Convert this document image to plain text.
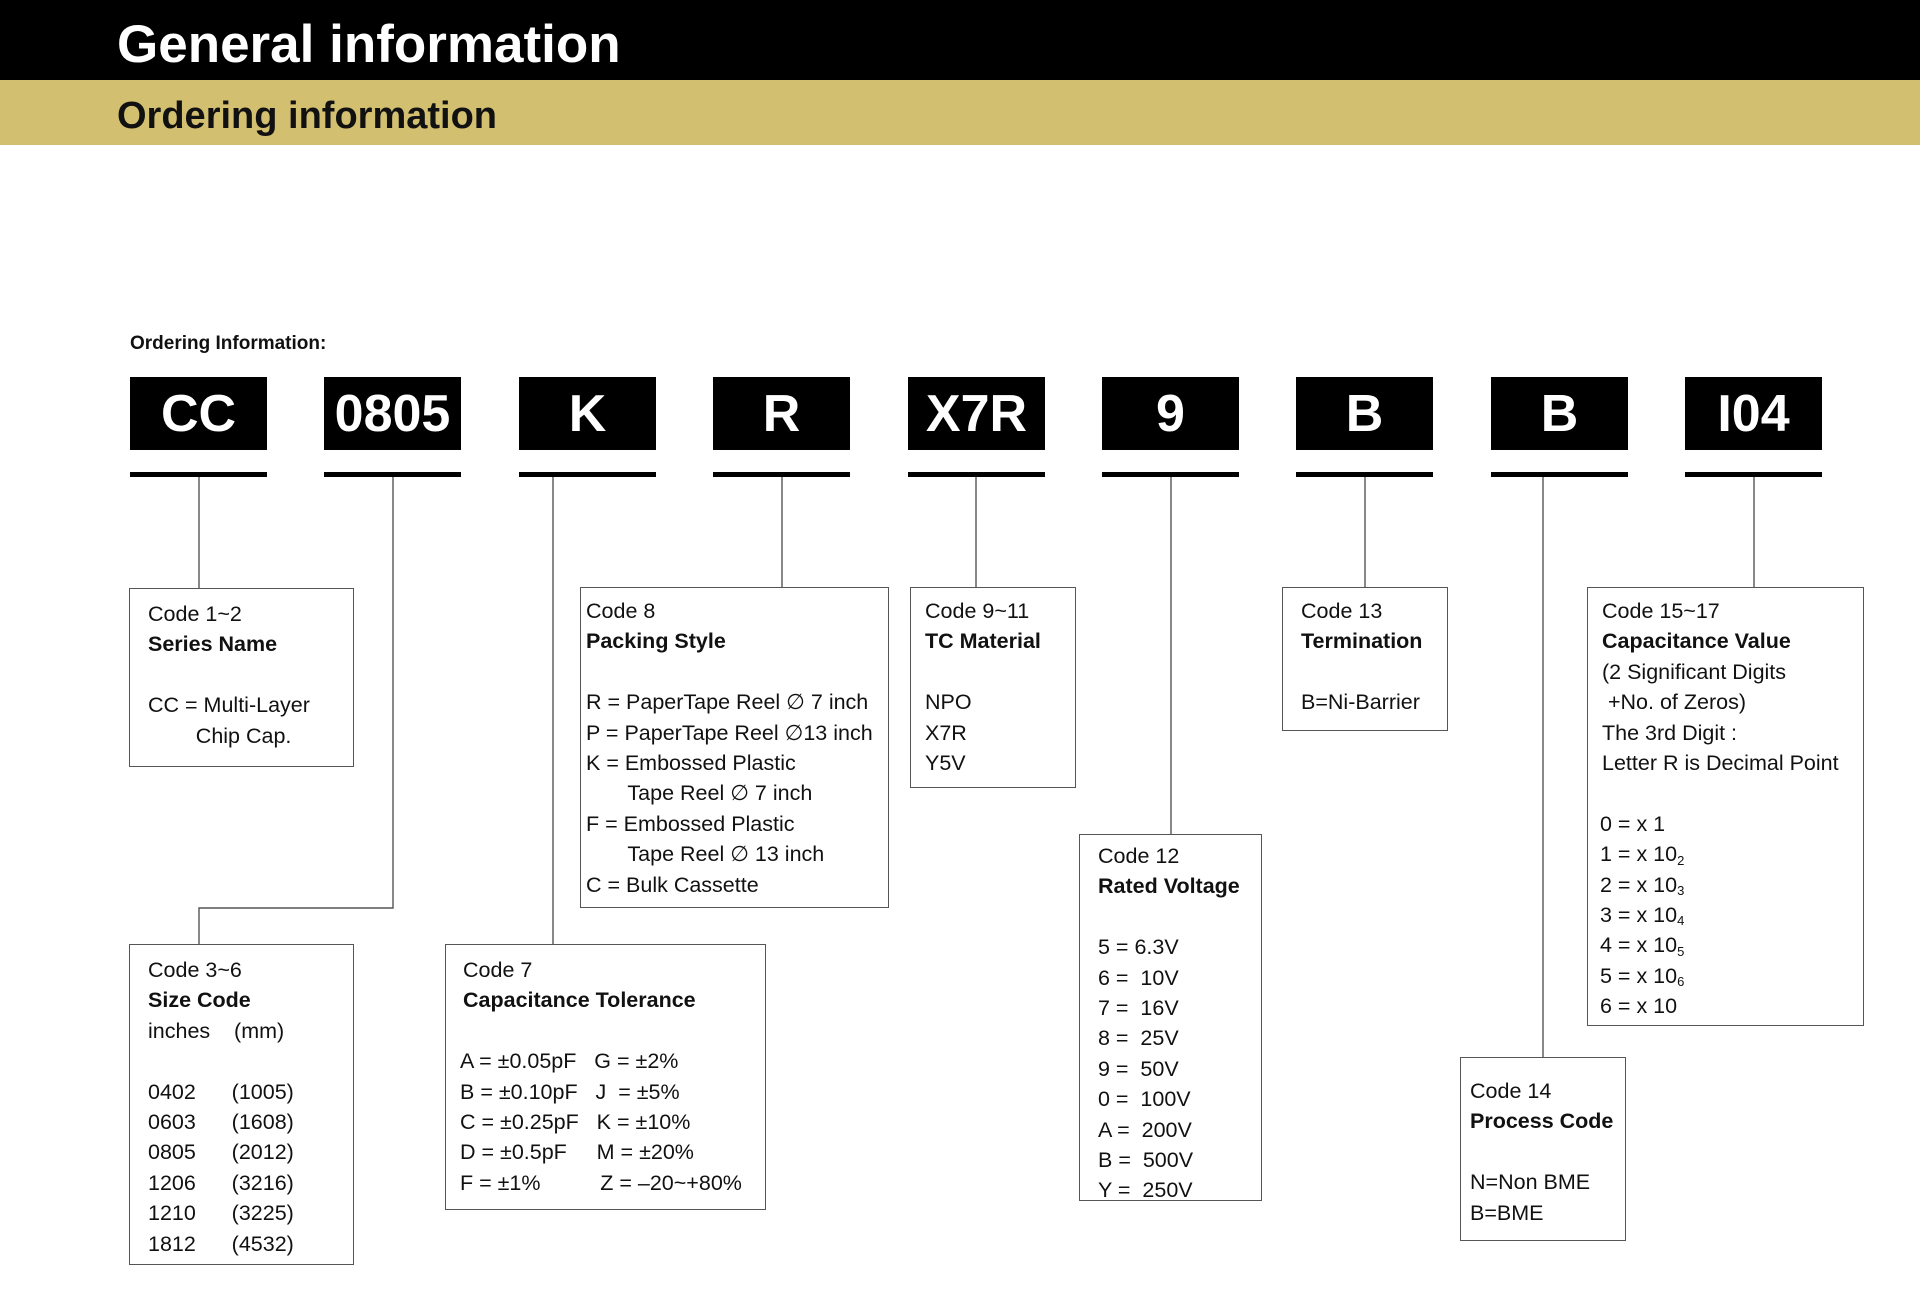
General information
Ordering information
Ordering Information:
CC	0805	K	R	X7R	9	B	B	I04
Code 1~2
Series Name

CC = Multi-Layer
Chip Cap.
Code 3~6
Size Code
inches    (mm)

0402      (1005)
0603      (1608)
0805      (2012)
1206      (3216)
1210      (3225)
1812      (4532)
Code 7
Capacitance Tolerance

A = ±0.05pF   G = ±2%
B = ±0.10pF   J  = ±5%
C = ±0.25pF   K = ±10%
D = ±0.5pF     M = ±20%
F = ±1%          Z = –20~+80%
Code 8
Packing Style

R = PaperTape Reel ∅ 7 inch
P = PaperTape Reel ∅13 inch
K = Embossed Plastic
Tape Reel ∅ 7 inch
F = Embossed Plastic
Tape Reel ∅ 13 inch
C = Bulk Cassette
Code 9~11
TC Material

NPO
X7R
Y5V
Code 12
Rated Voltage

5 = 6.3V
6 =  10V
7 =  16V
8 =  25V
9 =  50V
0 =  100V
A =  200V
B =  500V
Y =  250V
Code 13
Termination

B=Ni-Barrier
Code 14
Process Code

N=Non BME
B=BME
Code 15~17
Capacitance Value
(2 Significant Digits
+No. of Zeros)
The 3rd Digit :
Letter R is Decimal Point

0 = x 1
1 = x 10
2 = x $10^2$
3 = x $10^3$
4 = x $10^4$
5 = x $10^5$
6 = x $10^6$
